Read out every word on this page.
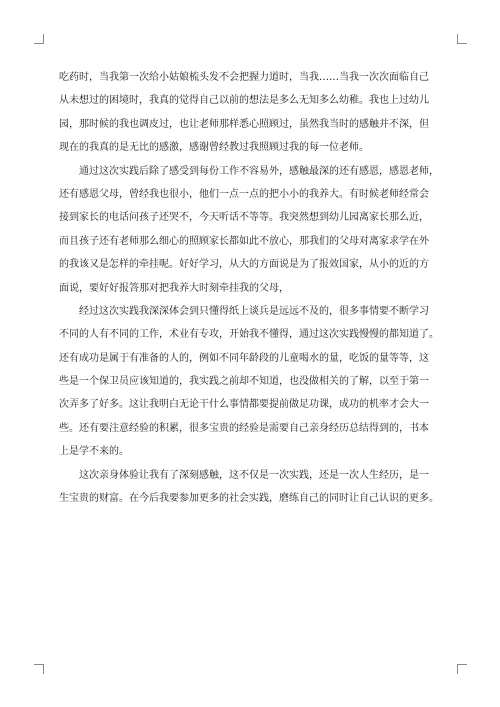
吃药时，当我第一次给小姑娘梳头发不会把握力道时，当我……当我一次次面临自己
从未想过的困境时，我真的觉得自己以前的想法是多么无知多么幼稚。我也上过幼儿
园，那时候的我也调皮过，也让老师那样悉心照顾过，虽然我当时的感触并不深，但
现在的我真的是无比的感激，感谢曾经教过我照顾过我的每一位老师。

通过这次实践后除了感受到每份工作不容易外，感触最深的还有感恩，感恩老师，
还有感恩父母，曾经我也很小，他们一点一点的把小小的我养大。有时候老师经常会
接到家长的电话问孩子还哭不，今天听话不等等。我突然想到幼儿园离家长那么近，
而且孩子还有老师那么细心的照顾家长都如此不放心，那我们的父母对离家求学在外
的我该又是怎样的牵挂呢。好好学习，从大的方面说是为了报效国家，从小的近的方
面说，要好好报答那对把我养大时刻牵挂我的父母，

经过这次实践我深深体会到只懂得纸上谈兵是远远不及的，很多事情要不断学习
不同的人有不同的工作，术业有专攻，开始我不懂得，通过这次实践慢慢的都知道了。
还有成功是属于有准备的人的，例如不同年龄段的儿童喝水的量，吃饭的量等等，这
些是一个保卫员应该知道的，我实践之前却不知道，也没做相关的了解，以至于第一
次弄多了好多。这让我明白无论干什么事情都要提前做足功课，成功的机率才会大一
些。还有要注意经验的积累，很多宝贵的经验是需要自己亲身经历总结得到的，书本
上是学不来的。

这次亲身体验让我有了深刻感触，这不仅是一次实践，还是一次人生经历，是一
生宝贵的财富。在今后我要参加更多的社会实践，磨练自己的同时让自己认识的更多。
